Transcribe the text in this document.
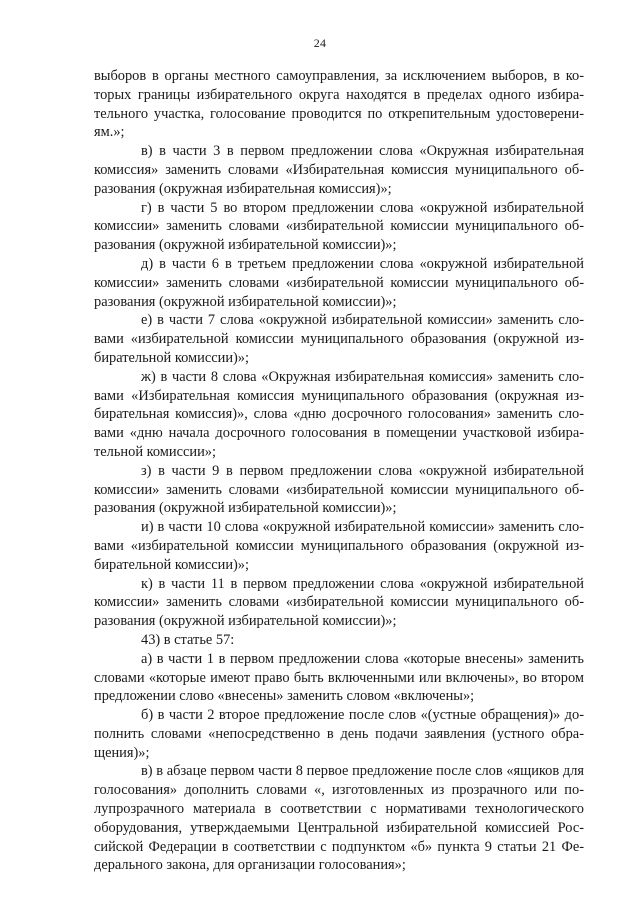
24

выборов в органы местного самоуправления, за исключением выборов, в которых границы избирательного округа находятся в пределах одного избирательного участка, голосование проводится по открепительным удостоверениям.»;

в) в части 3 в первом предложении слова «Окружная избирательная комиссия» заменить словами «Избирательная комиссия муниципального образования (окружная избирательная комиссия)»;

г) в части 5 во втором предложении слова «окружной избирательной комиссии» заменить словами «избирательной комиссии муниципального образования (окружной избирательной комиссии)»;

д) в части 6 в третьем предложении слова «окружной избирательной комиссии» заменить словами «избирательной комиссии муниципального образования (окружной избирательной комиссии)»;

е) в части 7 слова «окружной избирательной комиссии» заменить словами «избирательной комиссии муниципального образования (окружной избирательной комиссии)»;

ж) в части 8 слова «Окружная избирательная комиссия» заменить словами «Избирательная комиссия муниципального образования (окружная избирательная комиссия)», слова «дню досрочного голосования» заменить словами «дню начала досрочного голосования в помещении участковой избирательной комиссии»;

з) в части 9 в первом предложении слова «окружной избирательной комиссии» заменить словами «избирательной комиссии муниципального образования (окружной избирательной комиссии)»;

и) в части 10 слова «окружной избирательной комиссии» заменить словами «избирательной комиссии муниципального образования (окружной избирательной комиссии)»;

к) в части 11 в первом предложении слова «окружной избирательной комиссии» заменить словами «избирательной комиссии муниципального образования (окружной избирательной комиссии)»;

43) в статье 57:

а) в части 1 в первом предложении слова «которые внесены» заменить словами «которые имеют право быть включенными или включены», во втором предложении слово «внесены» заменить словом «включены»;

б) в части 2 второе предложение после слов «(устные обращения)» дополнить словами «непосредственно в день подачи заявления (устного обращения)»;

в) в абзаце первом части 8 первое предложение после слов «ящиков для голосования» дополнить словами «, изготовленных из прозрачного или полупрозрачного материала в соответствии с нормативами технологического оборудования, утверждаемыми Центральной избирательной комиссией Российской Федерации в соответствии с подпунктом «б» пункта 9 статьи 21 Федерального закона, для организации голосования»;
